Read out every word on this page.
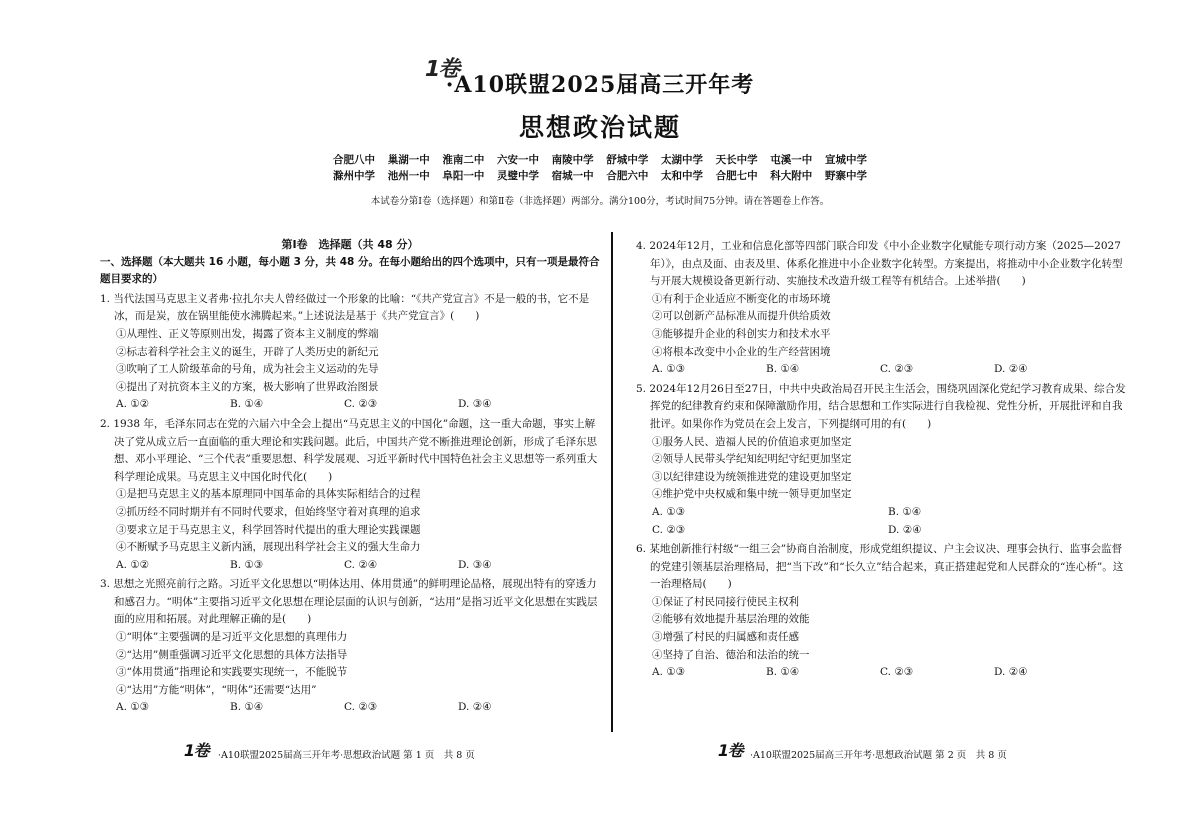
1卷
·A10联盟2025届高三开年考
思想政治试题
合肥八中 巢湖一中 淮南二中 六安一中 南陵中学 舒城中学 太湖中学 天长中学 屯溪一中 宣城中学
滁州中学 池州一中 阜阳一中 灵璧中学 宿城一中 合肥六中 太和中学 合肥七中 科大附中 野寨中学
本试卷分第Ⅰ卷（选择题）和第Ⅱ卷（非选择题）两部分。满分100分，考试时间75分钟。请在答题卷上作答。
第Ⅰ卷　选择题（共 48 分）
一、选择题（本大题共 16 小题，每小题 3 分，共 48 分。在每小题给出的四个选项中，只有一项是最符合题目要求的）
1. 当代法国马克思主义者弗·拉扎尔夫人曾经做过一个形象的比喻：“《共产党宣言》不是一般的书，它不是冰，而是炭，放在锅里能使水沸腾起来。”上述说法是基于《共产党宣言》(　　)
①从理性、正义等原则出发，揭露了资本主义制度的弊端
②标志着科学社会主义的诞生，开辟了人类历史的新纪元
③吹响了工人阶级革命的号角，成为社会主义运动的先导
④提出了对抗资本主义的方案，极大影响了世界政治图景
A. ①②	B. ①④	C. ②③	D. ③④
2. 1938 年，毛泽东同志在党的六届六中全会上提出“马克思主义的中国化”命题，这一重大命题，事实上解决了党从成立后一直面临的重大理论和实践问题。此后，中国共产党不断推进理论创新，形成了毛泽东思想、邓小平理论、“三个代表”重要思想、科学发展观、习近平新时代中国特色社会主义思想等一系列重大科学理论成果。马克思主义中国化时代化(　　)
①是把马克思主义的基本原理同中国革命的具体实际相结合的过程
②抓历经不同时期并有不同时代要求，但始终坚守着对真理的追求
③要求立足于马克思主义，科学回答时代提出的重大理论实践课题
④不断赋予马克思主义新内涵，展现出科学社会主义的强大生命力
A. ①②	B. ①③	C. ②④	D. ③④
3. 思想之光照亮前行之路。习近平文化思想以“明体达用、体用贯通”的鲜明理论品格，展现出特有的穿透力和感召力。“明体”主要指习近平文化思想在理论层面的认识与创新，“达用”是指习近平文化思想在实践层面的应用和拓展。对此理解正确的是(　　)
①“明体”主要强调的是习近平文化思想的真理伟力
②“达用”侧重强调习近平文化思想的具体方法指导
③“体用贯通”指理论和实践要实现统一，不能脱节
④“达用”方能“明体”，“明体”还需要“达用”
A. ①③	B. ①④	C. ②③	D. ②④
4. 2024年12月，工业和信息化部等四部门联合印发《中小企业数字化赋能专项行动方案（2025—2027 年）》，由点及面、由表及里、体系化推进中小企业数字化转型。方案提出，将推动中小企业数字化转型与开展大规模设备更新行动、实施技术改造升级工程等有机结合。上述举措(　　)
①有利于企业适应不断变化的市场环境
②可以创新产品标准从而提升供给质效
③能够提升企业的科创实力和技术水平
④将根本改变中小企业的生产经营困境
A. ①③	B. ①④	C. ②③	D. ②④
5. 2024年12月26日至27日，中共中央政治局召开民主生活会，围绕巩固深化党纪学习教育成果、综合发挥党的纪律教育约束和保障激励作用，结合思想和工作实际进行自我检视、党性分析，开展批评和自我批评。如果你作为党员在会上发言，下列提纲可用的有(　　)
①服务人民、造福人民的价值追求更加坚定
②领导人民带头学纪知纪明纪守纪更加坚定
③以纪律建设为统领推进党的建设更加坚定
④维护党中央权威和集中统一领导更加坚定
A. ①③	B. ①④
C. ②③	D. ②④
6. 某地创新推行村级“一组三会”协商自治制度，形成党组织提议、户主会议决、理事会执行、监事会监督的党建引领基层治理格局，把“当下改”和“长久立”结合起来，真正搭建起党和人民群众的“连心桥”。这一治理格局(　　)
①保证了村民同接行使民主权利
②能够有效地提升基层治理的效能
③增强了村民的归属感和责任感
④坚持了自治、德治和法治的统一
A. ①③	B. ①④	C. ②③	D. ②④
1卷 ·A10联盟2025届高三开年考·思想政治试题 第 1 页　共 8 页	1卷 ·A10联盟2025届高三开年考·思想政治试题 第 2 页　共 8 页
